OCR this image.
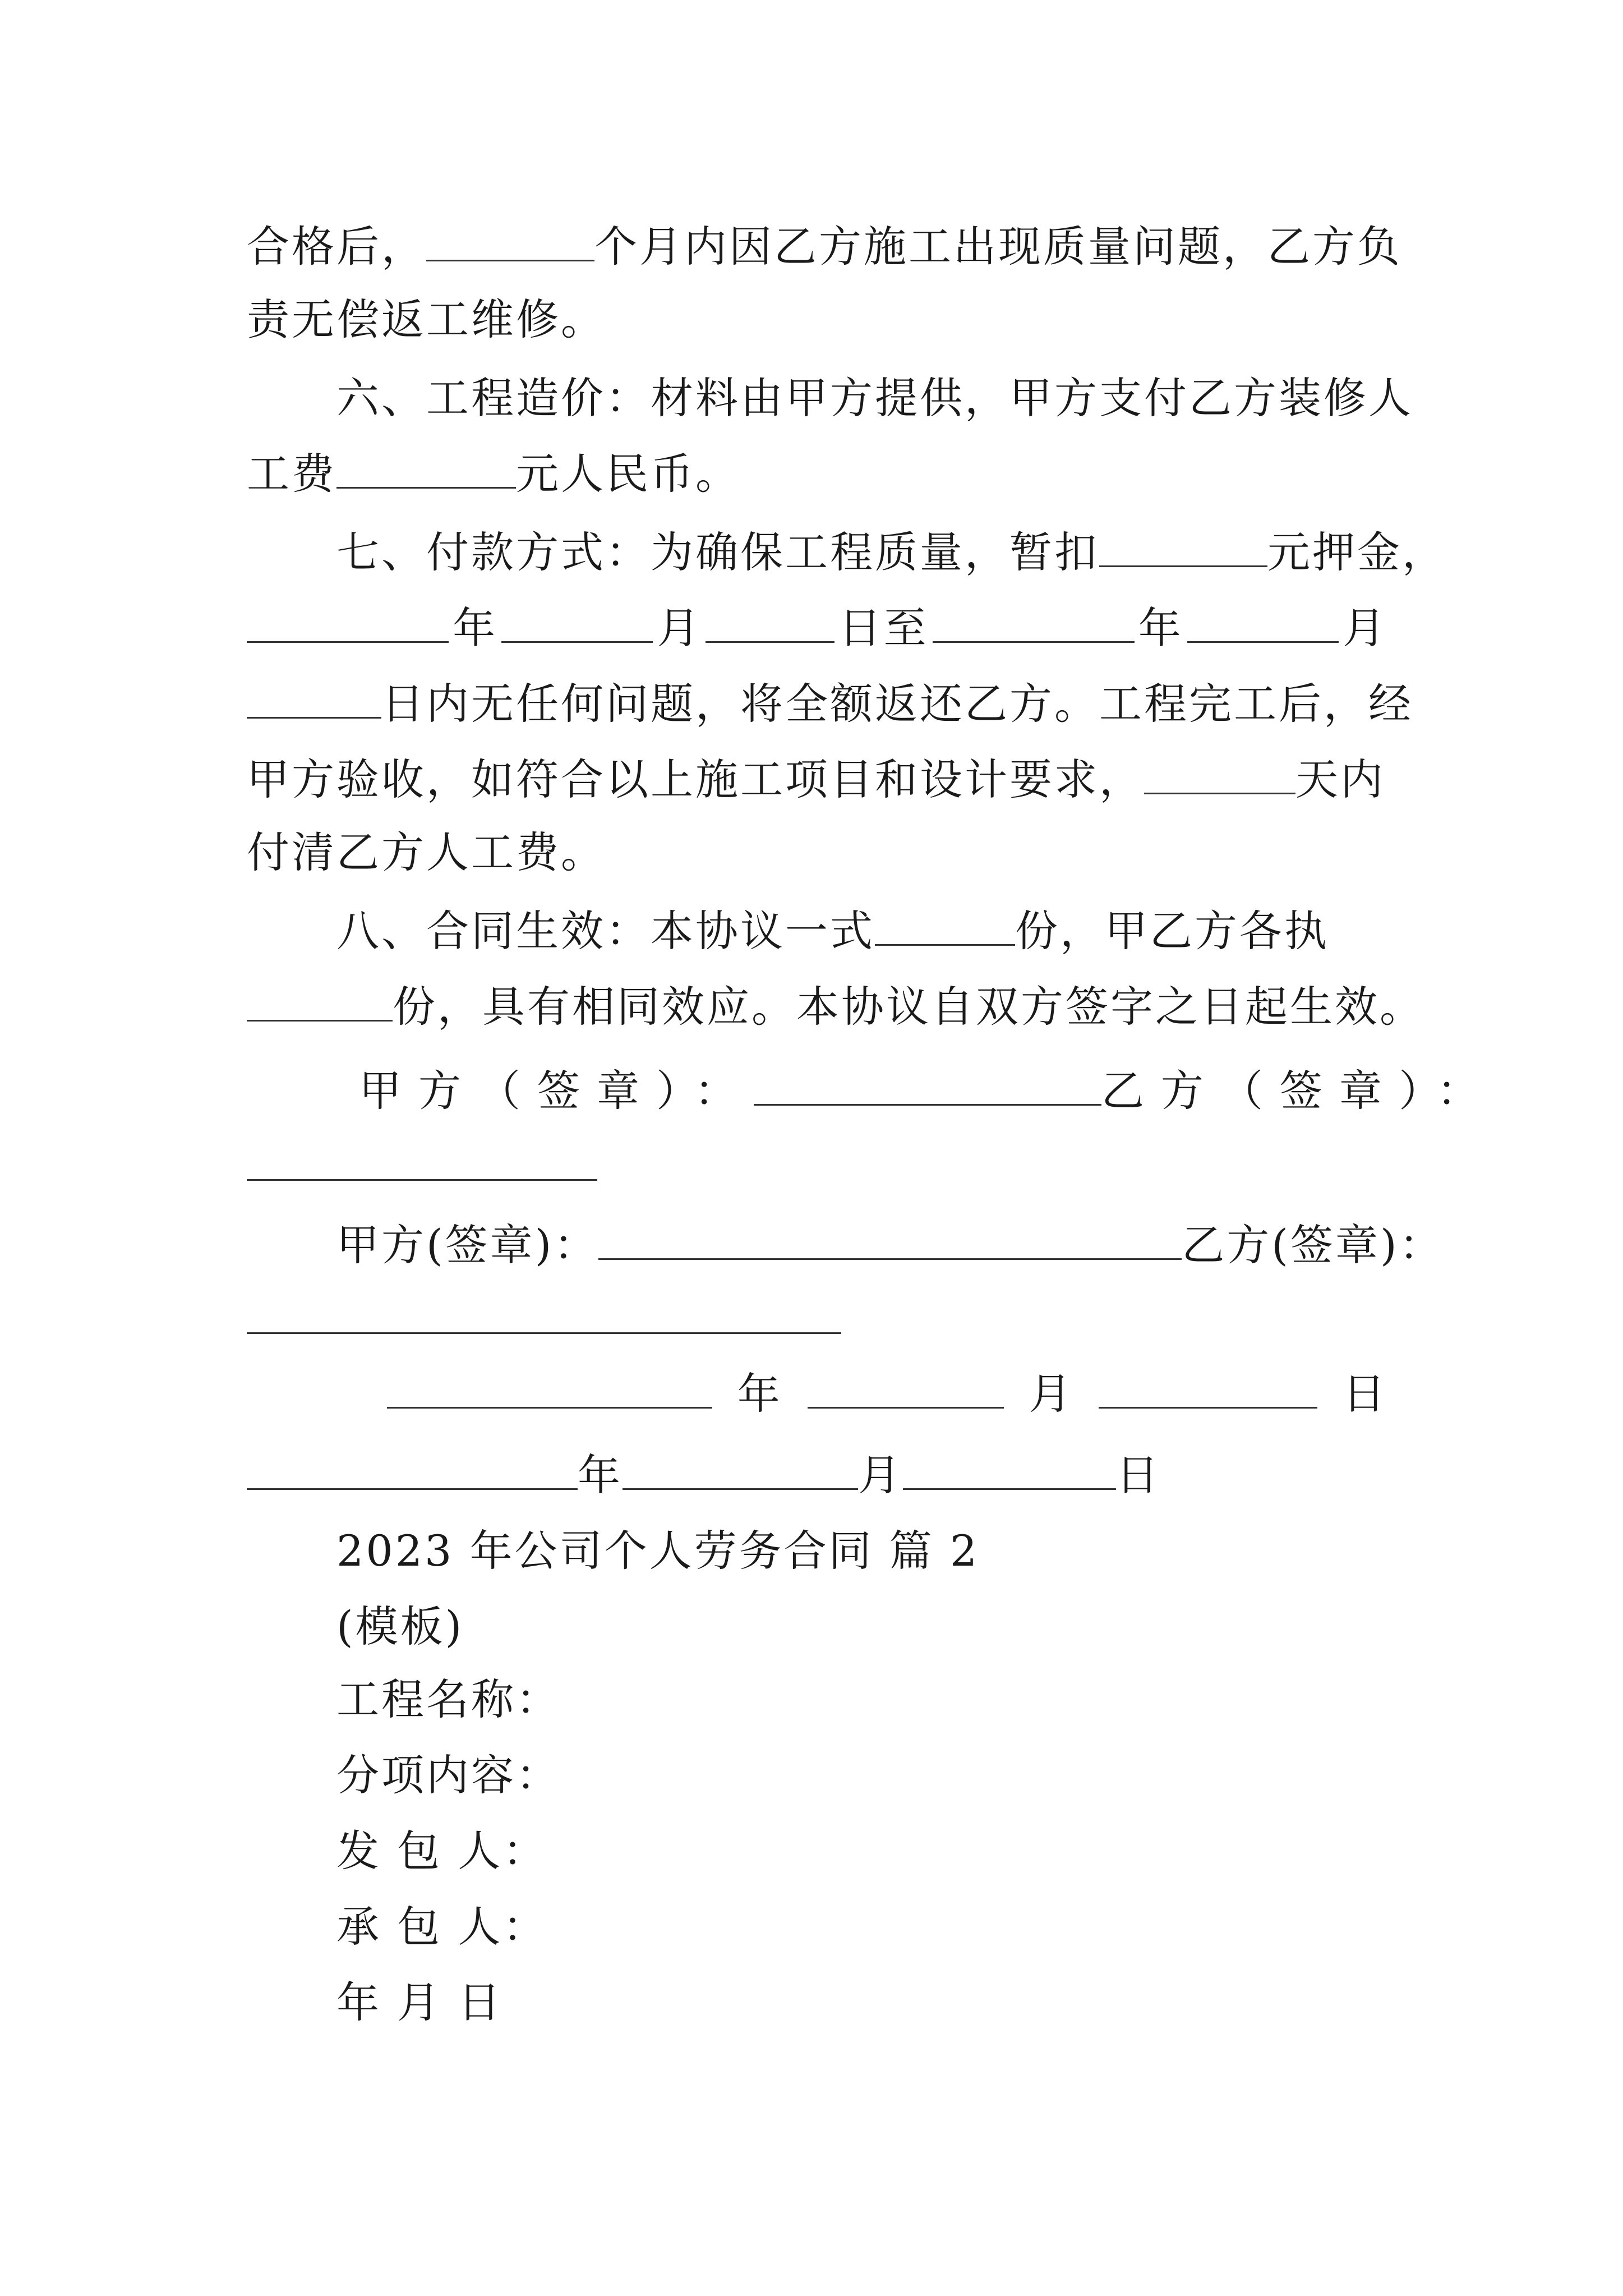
合格后，	个月内因乙方施工出现质量问题，乙方负
责无偿返工维修。
六、工程造价：材料由甲方提供，甲方支付乙方装修人
工费	元人民币。
七、付款方式：为确保工程质量，暂扣	元押金，
年	月	日至	年	月
日内无任何问题，将全额返还乙方。工程完工后，经
甲方验收，如符合以上施工项目和设计要求，	天内
付清乙方人工费。
八、合同生效：本协议一式	份，甲乙方各执
份，具有相同效应。本协议自双方签字之日起生效。
甲方（签章）：	乙方（签章）：
甲方(签章)：	乙方(签章)：
年	月	日
年	月	日
2023 年公司个人劳务合同 篇 2
(模板)
工程名称：
分项内容：
发 包 人：
承 包 人：
年 月 日
